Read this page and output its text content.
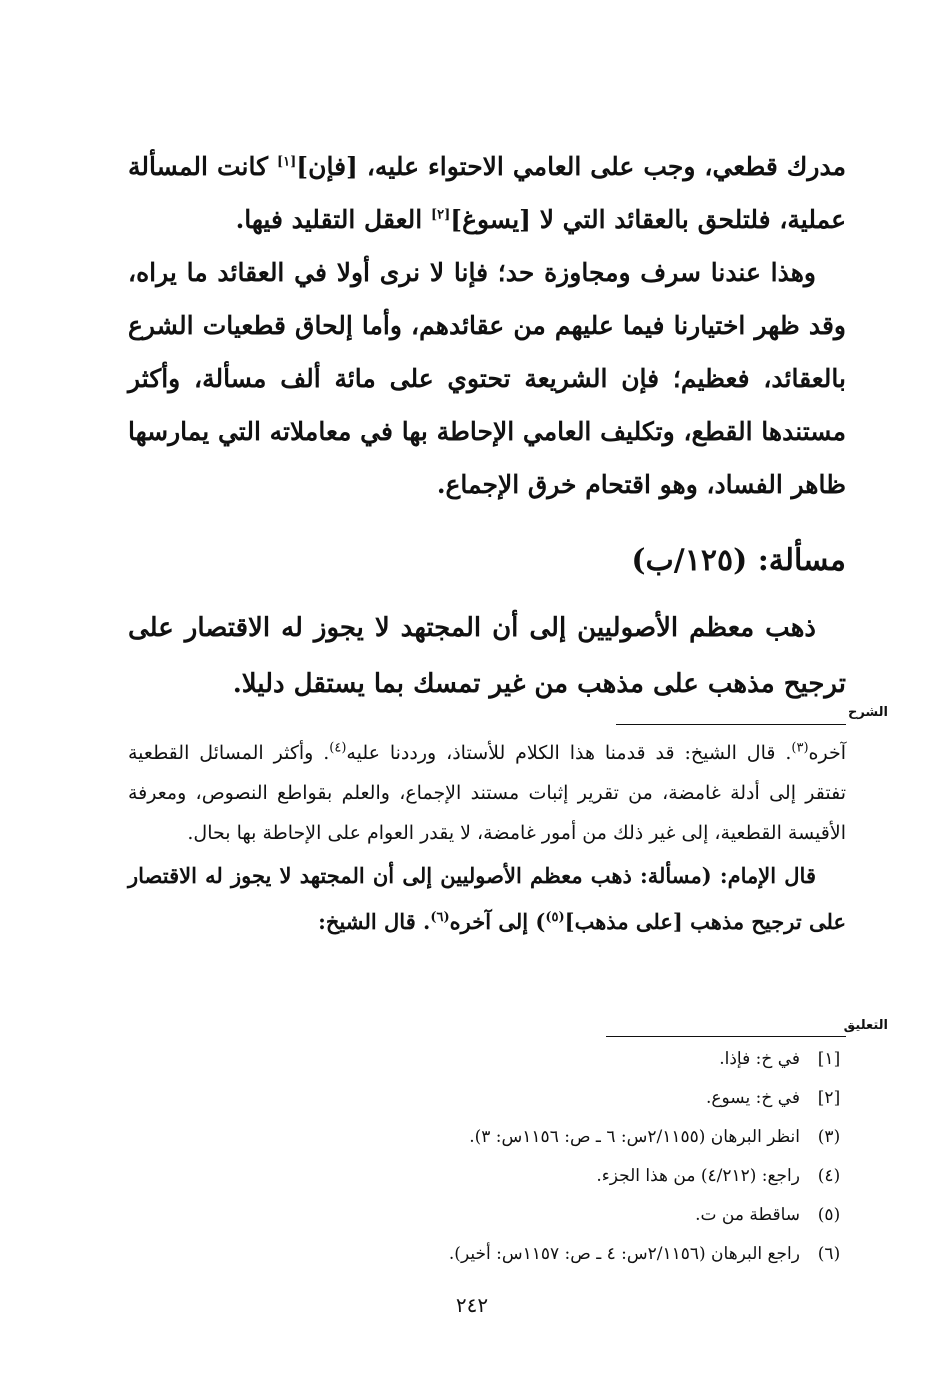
مدرك قطعي، وجب على العامي الاحتواء عليه، [فإن][١] كانت المسألة عملية، فلتلحق بالعقائد التي لا [يسوغ][٢] العقل التقليد فيها.

وهذا عندنا سرف ومجاوزة حد؛ فإنا لا نرى أولا في العقائد ما يراه، وقد ظهر اختيارنا فيما عليهم من عقائدهم، وأما إلحاق قطعيات الشرع بالعقائد، فعظيم؛ فإن الشريعة تحتوي على مائة ألف مسألة، وأكثر مستندها القطع، وتكليف العامي الإحاطة بها في معاملاته التي يمارسها ظاهر الفساد، وهو اقتحام خرق الإجماع.

مسألة: (١٢٥/ب)
ذهب معظم الأصوليين إلى أن المجتهد لا يجوز له الاقتصار على ترجيح مذهب على مذهب من غير تمسك بما يستقل دليلا.
الشرح

آخره$^{(٣)}$. قال الشيخ: قد قدمنا هذا الكلام للأستاذ، ورددنا عليه$^{(٤)}$. وأكثر المسائل القطعية تفتقر إلى أدلة غامضة، من تقرير إثبات مستند الإجماع، والعلم بقواطع النصوص، ومعرفة الأقيسة القطعية، إلى غير ذلك من أمور غامضة، لا يقدر العوام على الإحاطة بها بحال.

قال الإمام: (مسألة: ذهب معظم الأصوليين إلى أن المجتهد لا يجوز له الاقتصار على ترجيح مذهب [على مذهب]$^{(٥)}$) إلى آخره$^{(٦)}$. قال الشيخ:

التعليق
[١]
في خ: فإذا.
[٢]
في خ: يسوع.
(٣)
انظر البرهان (٢/١١٥٥س: ٦ ـ ص: ١١٥٦س: ٣).
(٤)
راجع: (٤/٢١٢) من هذا الجزء.
(٥)
ساقطة من ت.
(٦)
راجع البرهان (٢/١١٥٦س: ٤ ـ ص: ١١٥٧س: أخير).
٢٤٢
